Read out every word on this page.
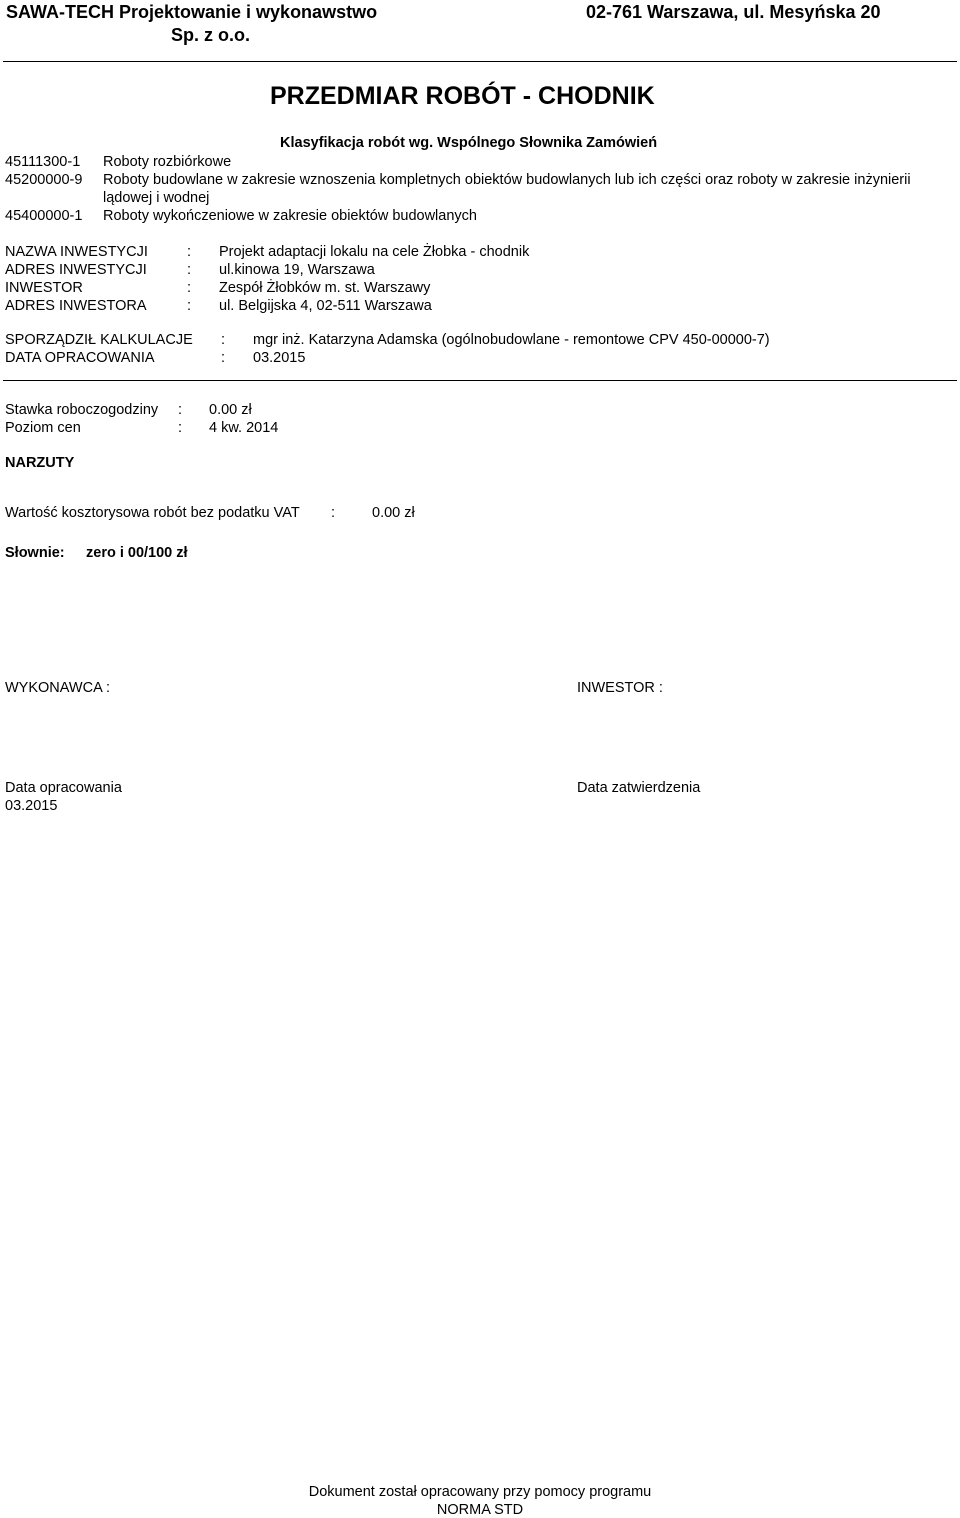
SAWA-TECH Projektowanie i wykonawstwo
Sp. z o.o.
02-761 Warszawa, ul. Mesyńska 20
PRZEDMIAR ROBÓT - CHODNIK
Klasyfikacja robót wg. Wspólnego Słownika Zamówień
45111300-1 Roboty rozbiórkowe
45200000-9 Roboty budowlane w zakresie wznoszenia kompletnych obiektów budowlanych lub ich części oraz roboty w zakresie inżynierii
lądowej i wodnej
45400000-1 Roboty wykończeniowe w zakresie obiektów budowlanych
NAZWA INWESTYCJI	: Projekt adaptacji lokalu na cele Żłobka - chodnik
ADRES INWESTYCJI	: ul.kinowa 19, Warszawa
INWESTOR	: Zespół Żłobków m. st. Warszawy
ADRES INWESTORA	: ul. Belgijska 4, 02-511 Warszawa
SPORZĄDZIŁ KALKULACJE : mgr inż. Katarzyna Adamska (ogólnobudowlane - remontowe CPV 450-00000-7)
DATA OPRACOWANIA	: 03.2015
Stawka roboczogodziny : 0.00 zł
Poziom cen	: 4 kw. 2014
NARZUTY
Wartość kosztorysowa robót bez podatku VAT :	0.00 zł
Słownie: zero i 00/100 zł
WYKONAWCA :	INWESTOR :
Data opracowania
03.2015
Data zatwierdzenia
Dokument został opracowany przy pomocy programu
NORMA STD
